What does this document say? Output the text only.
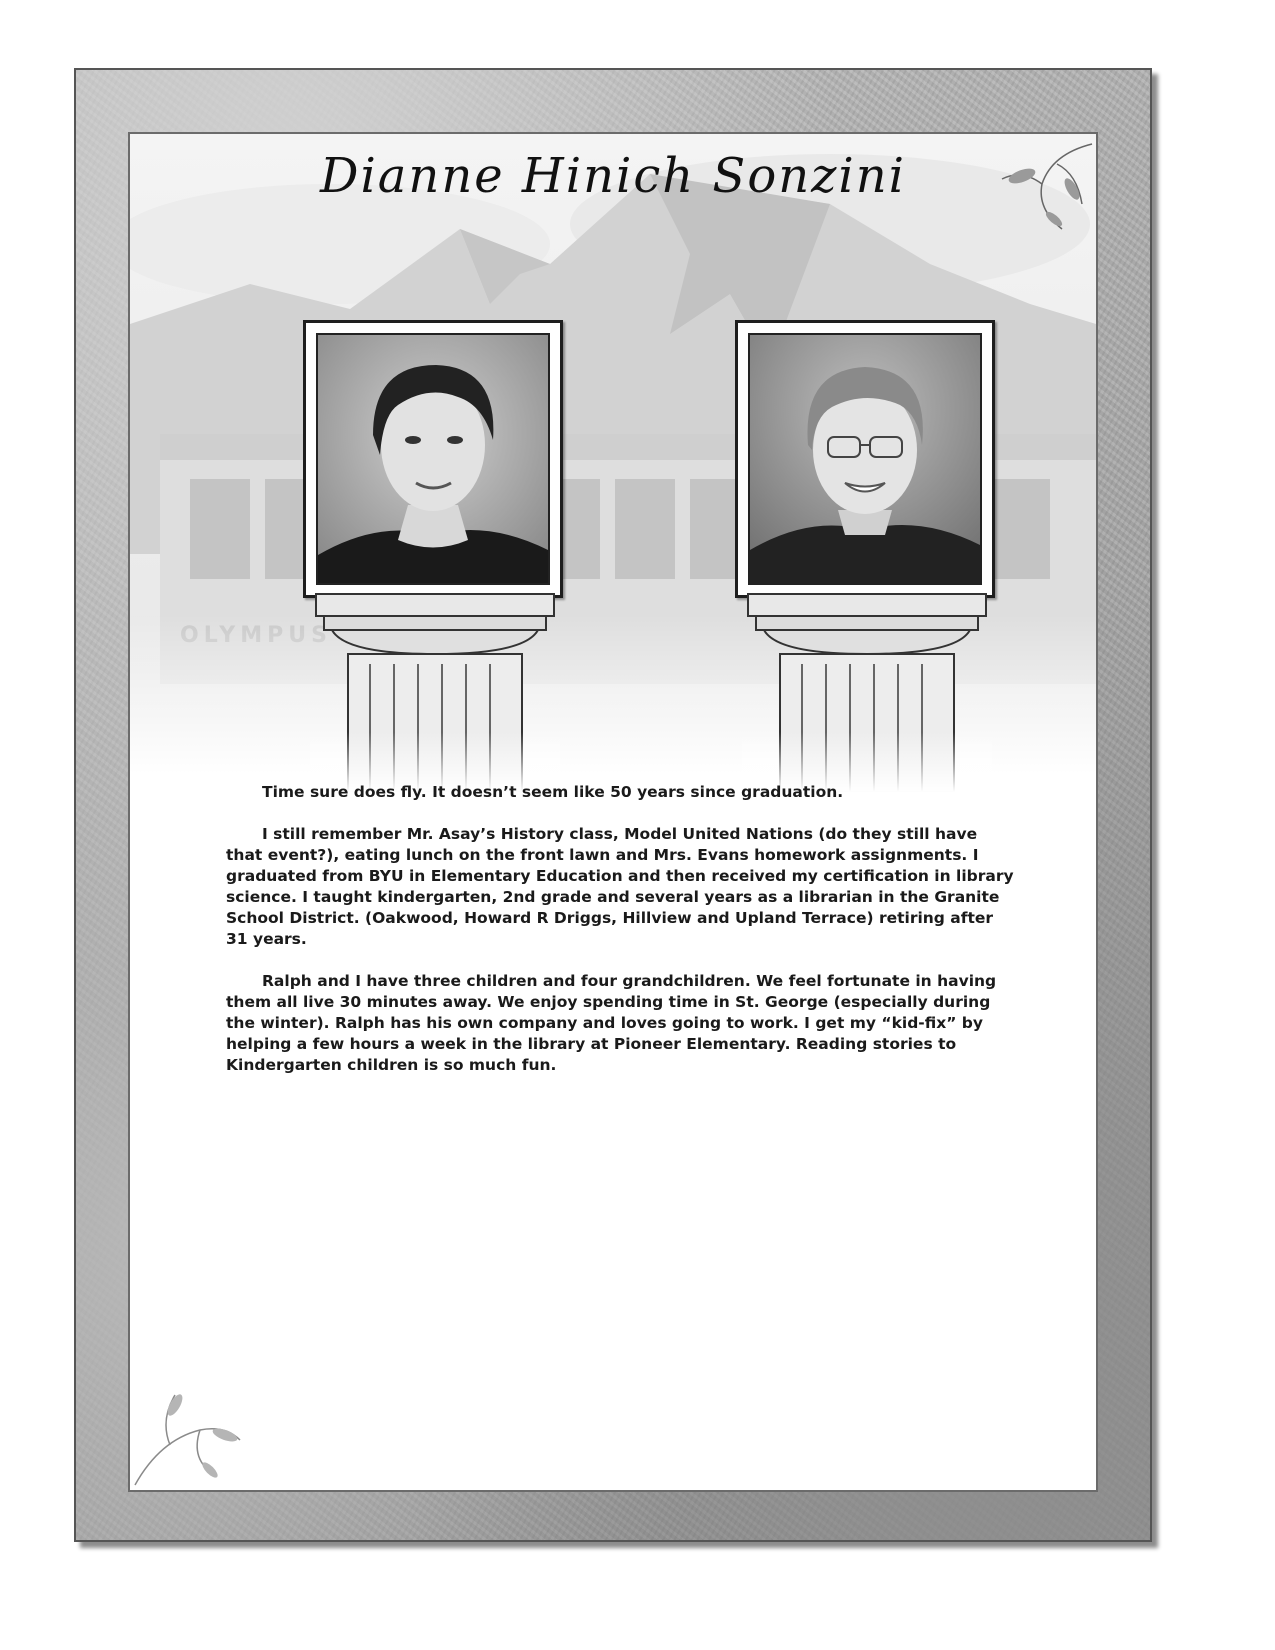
Dianne Hinich Sonzini

Time sure does fly. It doesn’t seem like 50 years since graduation.

I still remember Mr. Asay’s History class, Model United Nations (do they still have that event?), eating lunch on the front lawn and Mrs. Evans homework assignments. I graduated from BYU in Elementary Education and then received my certification in library science. I taught kindergarten, 2nd grade and several years as a librarian in the Granite School District. (Oakwood, Howard R Driggs, Hillview and Upland Terrace) retiring after 31 years.

Ralph and I have three children and four grandchildren. We feel fortunate in having them all live 30 minutes away. We enjoy spending time in St. George (especially during the winter). Ralph has his own company and loves going to work. I get my “kid-fix” by helping a few hours a week in the library at Pioneer Elementary. Reading stories to Kindergarten children is so much fun.
